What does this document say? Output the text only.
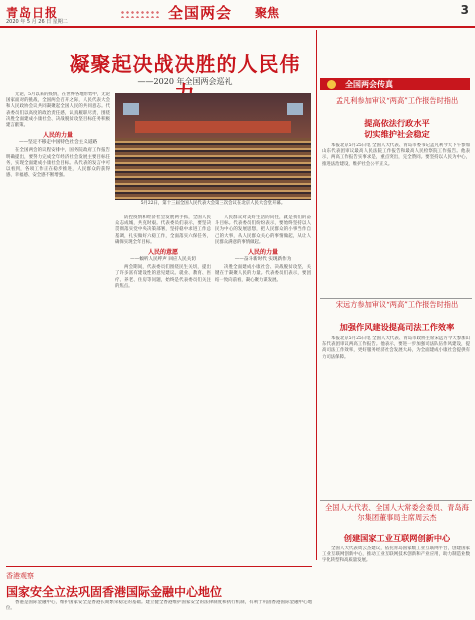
青岛日报
2020 年 5 月 26 日 星期二	全国两会 聚焦	3
凝聚起决战决胜的人民伟
——2020 年全国两会巡礼

无论，5月以来的疫情，在世界各地形势中，无论国家面对的挑战，全国两会召开之际，人民代表大会和人民政协会议共同凝聚起全国人民的共同意志。代表委员们以高度的政治责任感，认真履职尽责，围绕决胜全面建成小康社会、决战脱贫攻坚目标任务积极建言献策。

人民的力量
——坚定不移走中国特色社会主义道路

在全国两会的议程安排中，国务院政府工作报告明确提出，要努力完成全年经济社会发展主要目标任务，实现全面建成小康社会目标。从代表的发言中可以看到，各项工作正在稳步推进，人民群众的获得感、幸福感、安全感不断增强。

5月22日，第十三届全国人民代表大会第三次会议在北京人民大会堂开幕。

防控疫情和经济社会发展两手抓，全国人民众志成城，共克时艰。代表委员们表示，要坚决贯彻落实党中央决策部署，坚持稳中求进工作总基调，扎实做好六稳工作，全面落实六保任务，确保实现全年目标。

人民的意愿
——倾听人民呼声 回应人民关切

两会期间，代表委员们围绕民生关切，提出了许多富有建设性的意见建议。就业、教育、医疗、养老、住房等问题，始终是代表委员们关注的焦点。

人民群众对美好生活的向往，就是我们的奋斗目标。代表委员们纷纷表示，要始终坚持以人民为中心的发展思想，把人民群众的小事当作自己的大事，从人民群众关心的事情做起，从让人民群众满意的事情做起。

人民的力量
——奋斗新时代 实现新作为

决胜全面建成小康社会、决战脱贫攻坚，关键在于凝聚人民的力量。代表委员们表示，要团结一致向前看，凝心聚力谋发展。

全国两会传真
孟凡利参加审议“两高”工作报告时指出
提高依法行政水平
切实维护社会稳定

本报北京5月25日电 全国人大代表、青岛市委书记孟凡利今天下午参加山东代表团审议最高人民法院工作报告和最高人民检察院工作报告。他表示，两高工作报告实事求是，重点突出，完全赞同。要坚持以人民为中心，推进法治建设，维护社会公平正义。

宋远方参加审议“两高”工作报告时指出
加强作风建设提高司法工作效率

本报北京5月25日电 全国人大代表、青岛市政协主席宋远方今天参加山东代表团审议两高工作报告。他表示，要进一步加强司法队伍作风建设，提高司法工作效率，更好服务经济社会发展大局，为全面建成小康社会提供有力司法保障。

全国人大代表、全国人大常委会委员、青岛海尔集团董事局主席周云杰
创建国家工业互联网创新中心

全国人大代表周云杰建议，依托青岛国家级工业互联网平台，创建国家工业互联网创新中心，推动工业互联网技术创新和产业应用，助力制造业数字化转型和高质量发展。

香港观察
国家安全立法巩固香港国际金融中心地位

香港是国际金融中心，维护国家安全是香港长期繁荣稳定的基础。建立健全香港维护国家安全的法律制度和执行机制，有利于巩固香港国际金融中心地位。
